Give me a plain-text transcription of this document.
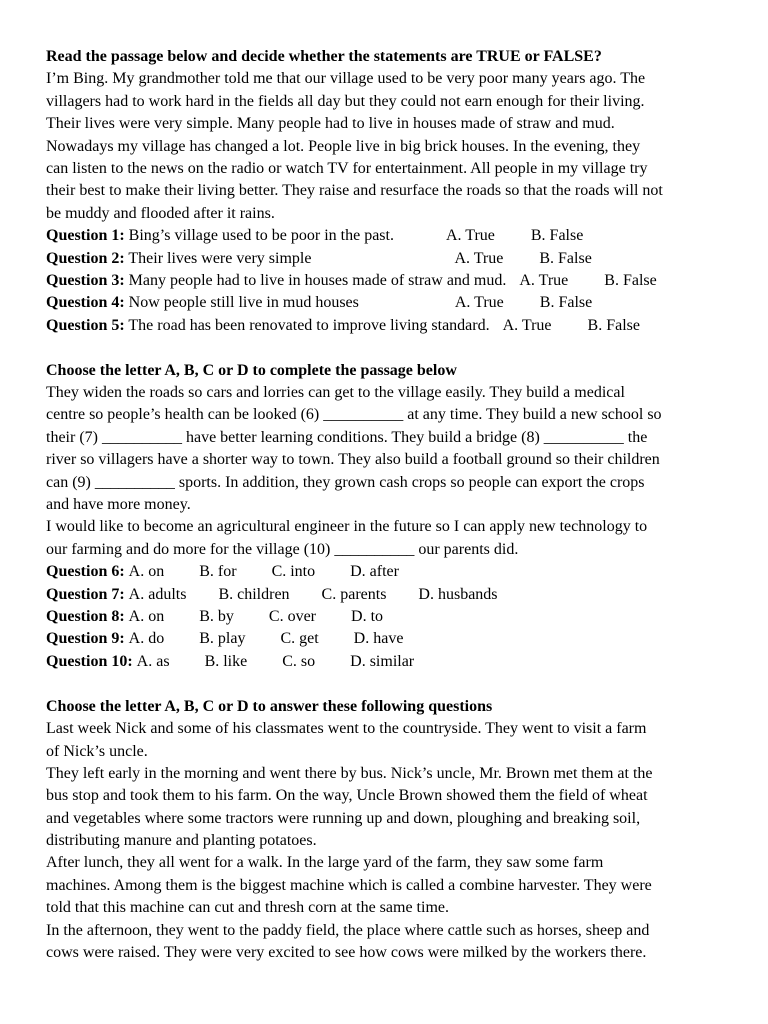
Read the passage below and decide whether the statements are TRUE or FALSE?
I’m Bing. My grandmother told me that our village used to be very poor many years ago. The
villagers had to work hard in the fields all day but they could not earn enough for their living.
Their lives were very simple. Many people had to live in houses made of straw and mud.
Nowadays my village has changed a lot. People live in big brick houses. In the evening, they
can listen to the news on the radio or watch TV for entertainment. All people in my village try
their best to make their living better. They raise and resurface the roads so that the roads will not
be muddy and flooded after it rains.
Question 1: Bing’s village used to be poor in the past.	A. True B. False
Question 2: Their lives were very simple	A. True B. False
Question 3: Many people had to live in houses made of straw and mud. A. True B. False
Question 4: Now people still live in mud houses	A. True B. False
Question 5: The road has been renovated to improve living standard. A. True B. False
Choose the letter A, B, C or D to complete the passage below
They widen the roads so cars and lorries can get to the village easily. They build a medical
centre so people’s health can be looked (6) __________ at any time. They build a new school so
their (7) __________ have better learning conditions. They build a bridge (8) __________ the
river so villagers have a shorter way to town. They also build a football ground so their children
can (9) __________ sports. In addition, they grown cash crops so people can export the crops
and have more money.
I would like to become an agricultural engineer in the future so I can apply new technology to
our farming and do more for the village (10) __________ our parents did.
Question 6: A. on B. for C. into D. after
Question 7: A. adults B. children C. parents D. husbands
Question 8: A. on B. by C. over D. to
Question 9: A. do B. play C. get D. have
Question 10: A. as B. like C. so D. similar
Choose the letter A, B, C or D to answer these following questions
Last week Nick and some of his classmates went to the countryside. They went to visit a farm
of Nick’s uncle.
They left early in the morning and went there by bus. Nick’s uncle, Mr. Brown met them at the
bus stop and took them to his farm. On the way, Uncle Brown showed them the field of wheat
and vegetables where some tractors were running up and down, ploughing and breaking soil,
distributing manure and planting potatoes.
After lunch, they all went for a walk. In the large yard of the farm, they saw some farm
machines. Among them is the biggest machine which is called a combine harvester. They were
told that this machine can cut and thresh corn at the same time.
In the afternoon, they went to the paddy field, the place where cattle such as horses, sheep and
cows were raised. They were very excited to see how cows were milked by the workers there.
